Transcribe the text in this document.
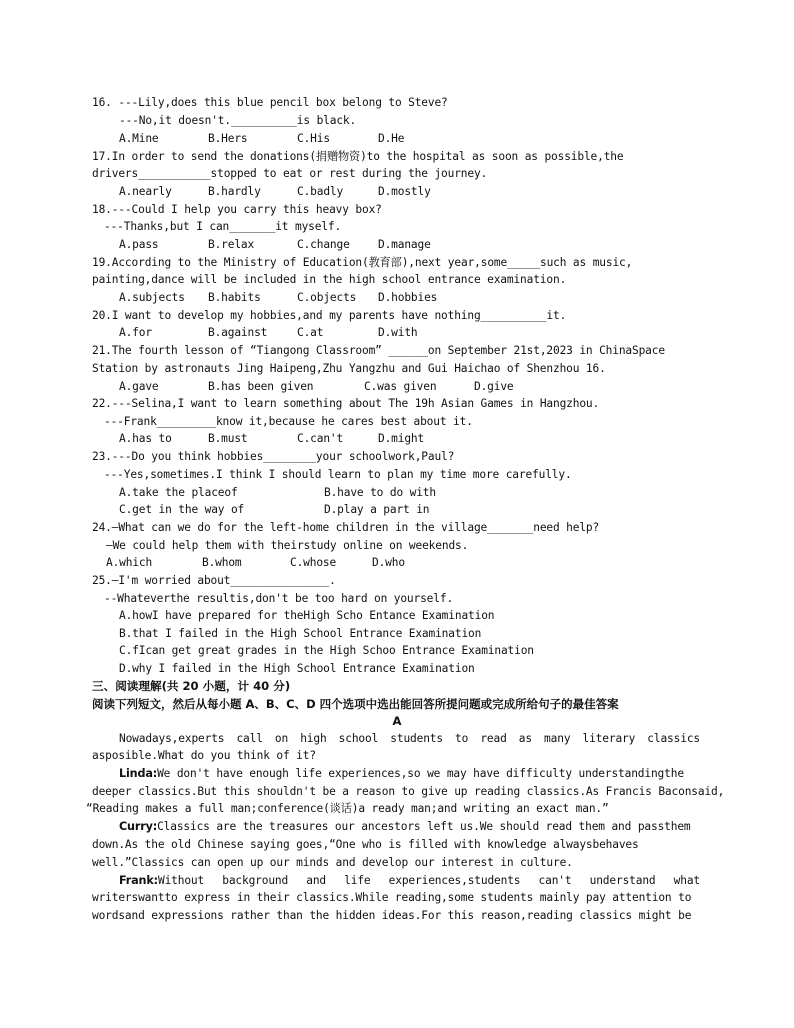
16. ---Lily,does this blue pencil box belong to Steve?
---No,it doesn't.__________is black.
A.Mine	B.Hers	C.His	D.He
17.In order to send the donations(捐赠物资)to the hospital as soon as possible,the
drivers___________stopped to eat or rest during the journey.
A.nearly	B.hardly	C.badly	D.mostly
18.---Could I help you carry this heavy box?
---Thanks,but I can_______it myself.
A.pass	B.relax	C.change	D.manage
19.According to the Ministry of Education(教育部),next year,some_____such as music,
painting,dance will be included in the high school entrance examination.
A.subjects B.habits	C.objects D.hobbies
20.I want to develop my hobbies,and my parents have nothing__________it.
A.for	B.against	C.at	D.with
21.The fourth lesson of “Tiangong Classroom” ______on September 21st,2023 in ChinaSpace
Station by astronauts Jing Haipeng,Zhu Yangzhu and Gui Haichao of Shenzhou 16.
A.gave	B.has been given	C.was given	D.give
22.---Selina,I want to learn something about The 19h Asian Games in Hangzhou.
---Frank_________know it,because he cares best about it.
A.has to	B.must	C.can't	D.might
23.---Do you think hobbies________your schoolwork,Paul?
---Yes,sometimes.I think I should learn to plan my time more carefully.
A.take the placeof	B.have to do with
C.get in the way of	D.play a part in
24.—What can we do for the left-home children in the village_______need help?
—We could help them with theirstudy online on weekends.
A.which	B.whom	C.whose	D.who
25.—I'm worried about_______________.
--Whateverthe resultis,don't be too hard on yourself.
A.howI have prepared for theHigh Scho Entance Examination
B.that I failed in the High School Entrance Examination
C.fIcan get great grades in the High Schoo Entrance Examination
D.why I failed in the High School Entrance Examination
三、阅读理解(共 20 小题，计 40 分)
阅读下列短文，然后从每小题 A、B、C、D 四个选项中选出能回答所提问题或完成所给句子的最佳答案
A
Nowadays,experts call on high school students to read as many literary classics
asposible.What do you think of it?
Linda:We don't have enough life experiences,so we may have difficulty understandingthe
deeper classics.But this shouldn't be a reason to give up reading classics.As Francis Baconsaid,
“Reading makes a full man;conference(谈话)a ready man;and writing an exact man.”
Curry:Classics are the treasures our ancestors left us.We should read them and passthem
down.As the old Chinese saying goes,“One who is filled with knowledge alwaysbehaves
well.”Classics can open up our minds and develop our interest in culture.
Frank: Without background and life experiences,students can't understand what
writerswantto express in their classics.While reading,some students mainly pay attention to
wordsand expressions rather than the hidden ideas.For this reason,reading classics might be
